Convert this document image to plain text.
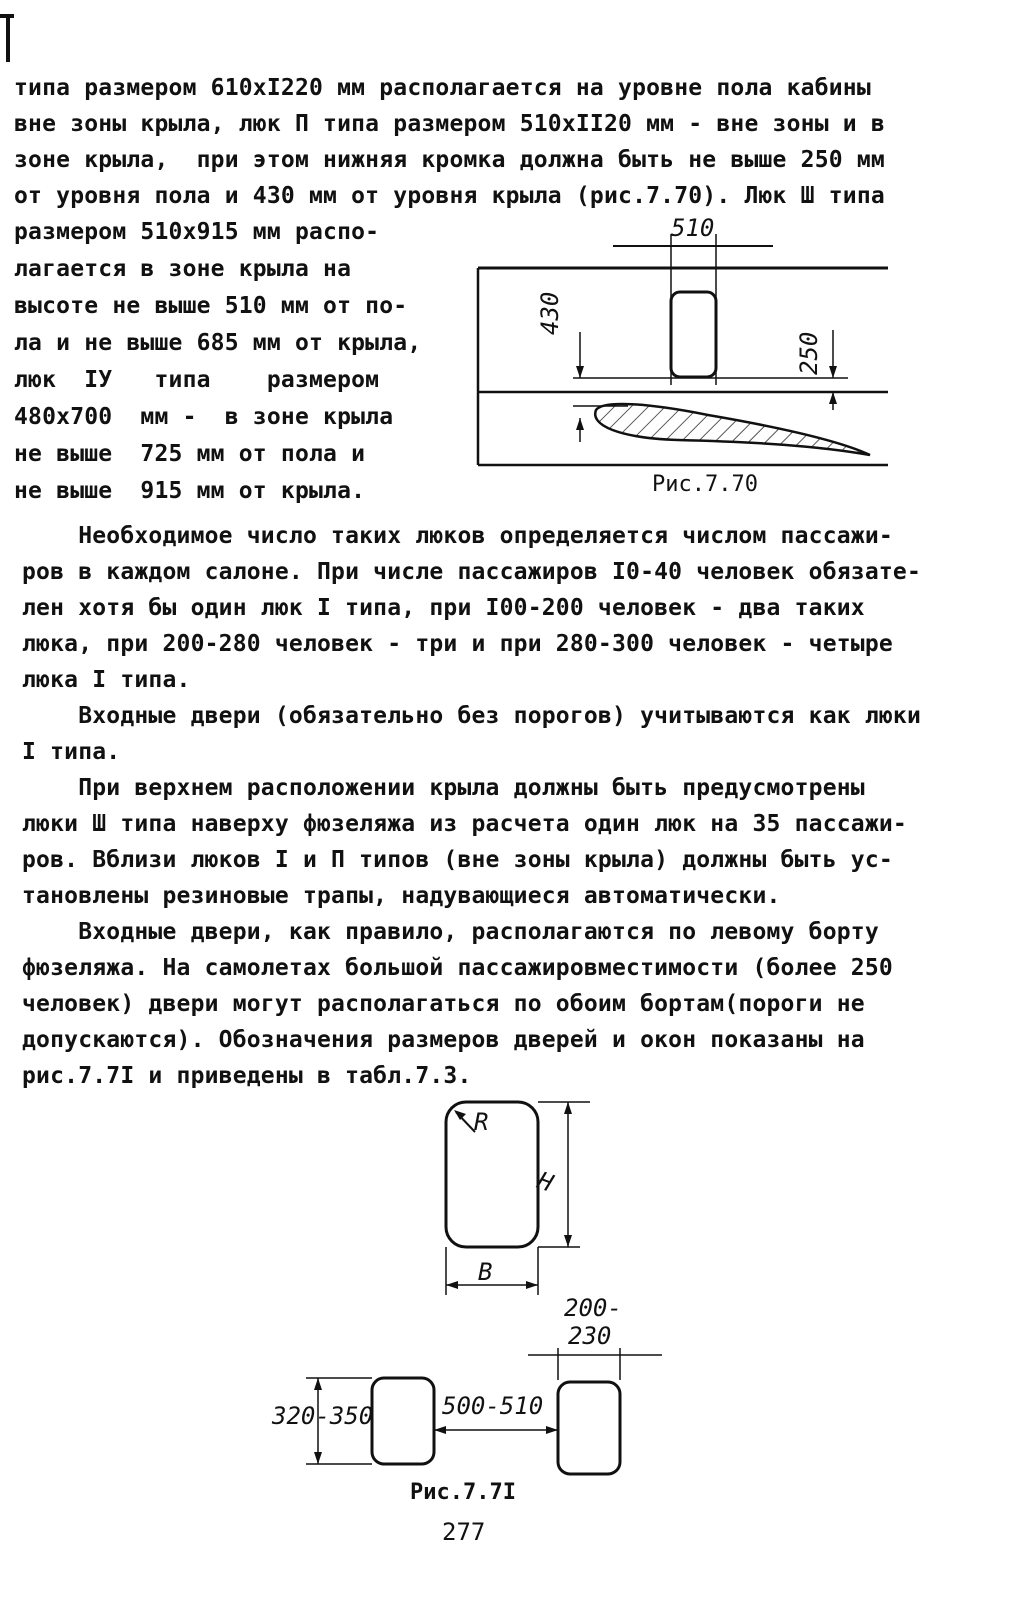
типа размером 610хI220 мм располагается на уровне пола кабины
вне зоны крыла, люк П типа размером 510хII20 мм - вне зоны и в
зоне крыла,  при этом нижняя кромка должна быть не выше 250 мм
от уровня пола и 430 мм от уровня крыла (рис.7.70). Люк Ш типа
размером 510х915 мм распо-
лагается в зоне крыла на
высоте не выше 510 мм от по-
ла и не выше 685 мм от крыла,
люк  IУ   типа    размером
480х700  мм -  в зоне крыла
не выше  725 мм от пола и
не выше  915 мм от крыла.
510
430
250
Рис.7.70
Необходимое число таких люков определяется числом пассажи-
ров в каждом салоне. При числе пассажиров I0-40 человек обязате-
лен хотя бы один люк I типа, при I00-200 человек - два таких
люка, при 200-280 человек - три и при 280-300 человек - четыре
люка I типа.
Входные двери (обязательно без порогов) учитываются как люки
I типа.
При верхнем расположении крыла должны быть предусмотрены
люки Ш типа наверху фюзеляжа из расчета один люк на 35 пассажи-
ров. Вблизи люков I и П типов (вне зоны крыла) должны быть ус-
тановлены резиновые трапы, надувающиеся автоматически.
Входные двери, как правило, располагаются по левому борту
фюзеляжа. На самолетах большой пассажировместимости (более 250
человек) двери могут располагаться по обоим бортам(пороги не
допускаются). Обозначения размеров дверей и окон показаны на
рис.7.7I и приведены в табл.7.3.
R
H
B
200-
230
320-350	500-510
Рис.7.7I
277
